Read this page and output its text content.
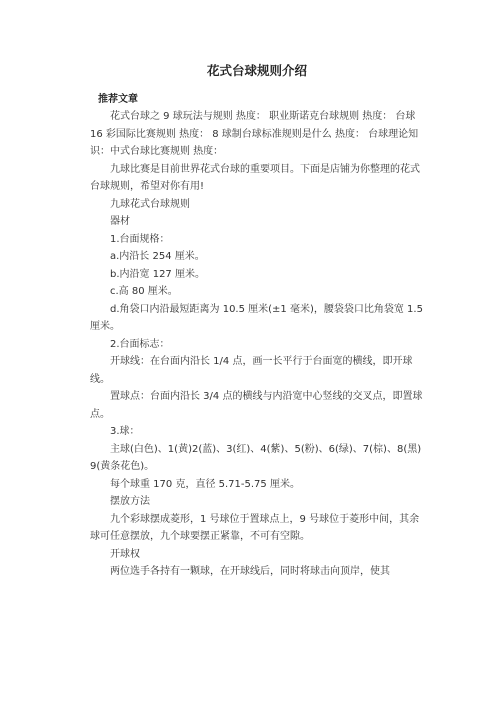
花式台球规则介绍
推荐文章

花式台球之 9 球玩法与规则 热度： 职业斯诺克台球规则 热度： 台球 16 彩国际比赛规则 热度： 8 球制台球标准规则是什么 热度： 台球理论知识：中式台球比赛规则 热度：

九球比赛是目前世界花式台球的重要项目。下面是店铺为你整理的花式台球规则，希望对你有用!

九球花式台球规则

器材

1.台面规格：

a.内沿长 254 厘米。

b.内沿宽 127 厘米。

c.高 80 厘米。

d.角袋口内沿最短距离为 10.5 厘米(±1 毫米)，腰袋袋口比角袋宽 1.5 厘米。

2.台面标志：

开球线：在台面内沿长 1/4 点，画一长平行于台面宽的横线，即开球线。

置球点：台面内沿长 3/4 点的横线与内沿宽中心竖线的交叉点，即置球点。

3.球：

主球(白色)、1(黄)2(蓝)、3(红)、4(紫)、5(粉)、6(绿)、7(棕)、8(黑)9(黄条花色)。

每个球重 170 克，直径 5.71-5.75 厘米。

摆放方法

九个彩球摆成菱形，1 号球位于置球点上，9 号球位于菱形中间，其余球可任意摆放，九个球要摆正紧靠，不可有空隙。

开球权

两位选手各持有一颗球，在开球线后，同时将球击向顶岸，使其
